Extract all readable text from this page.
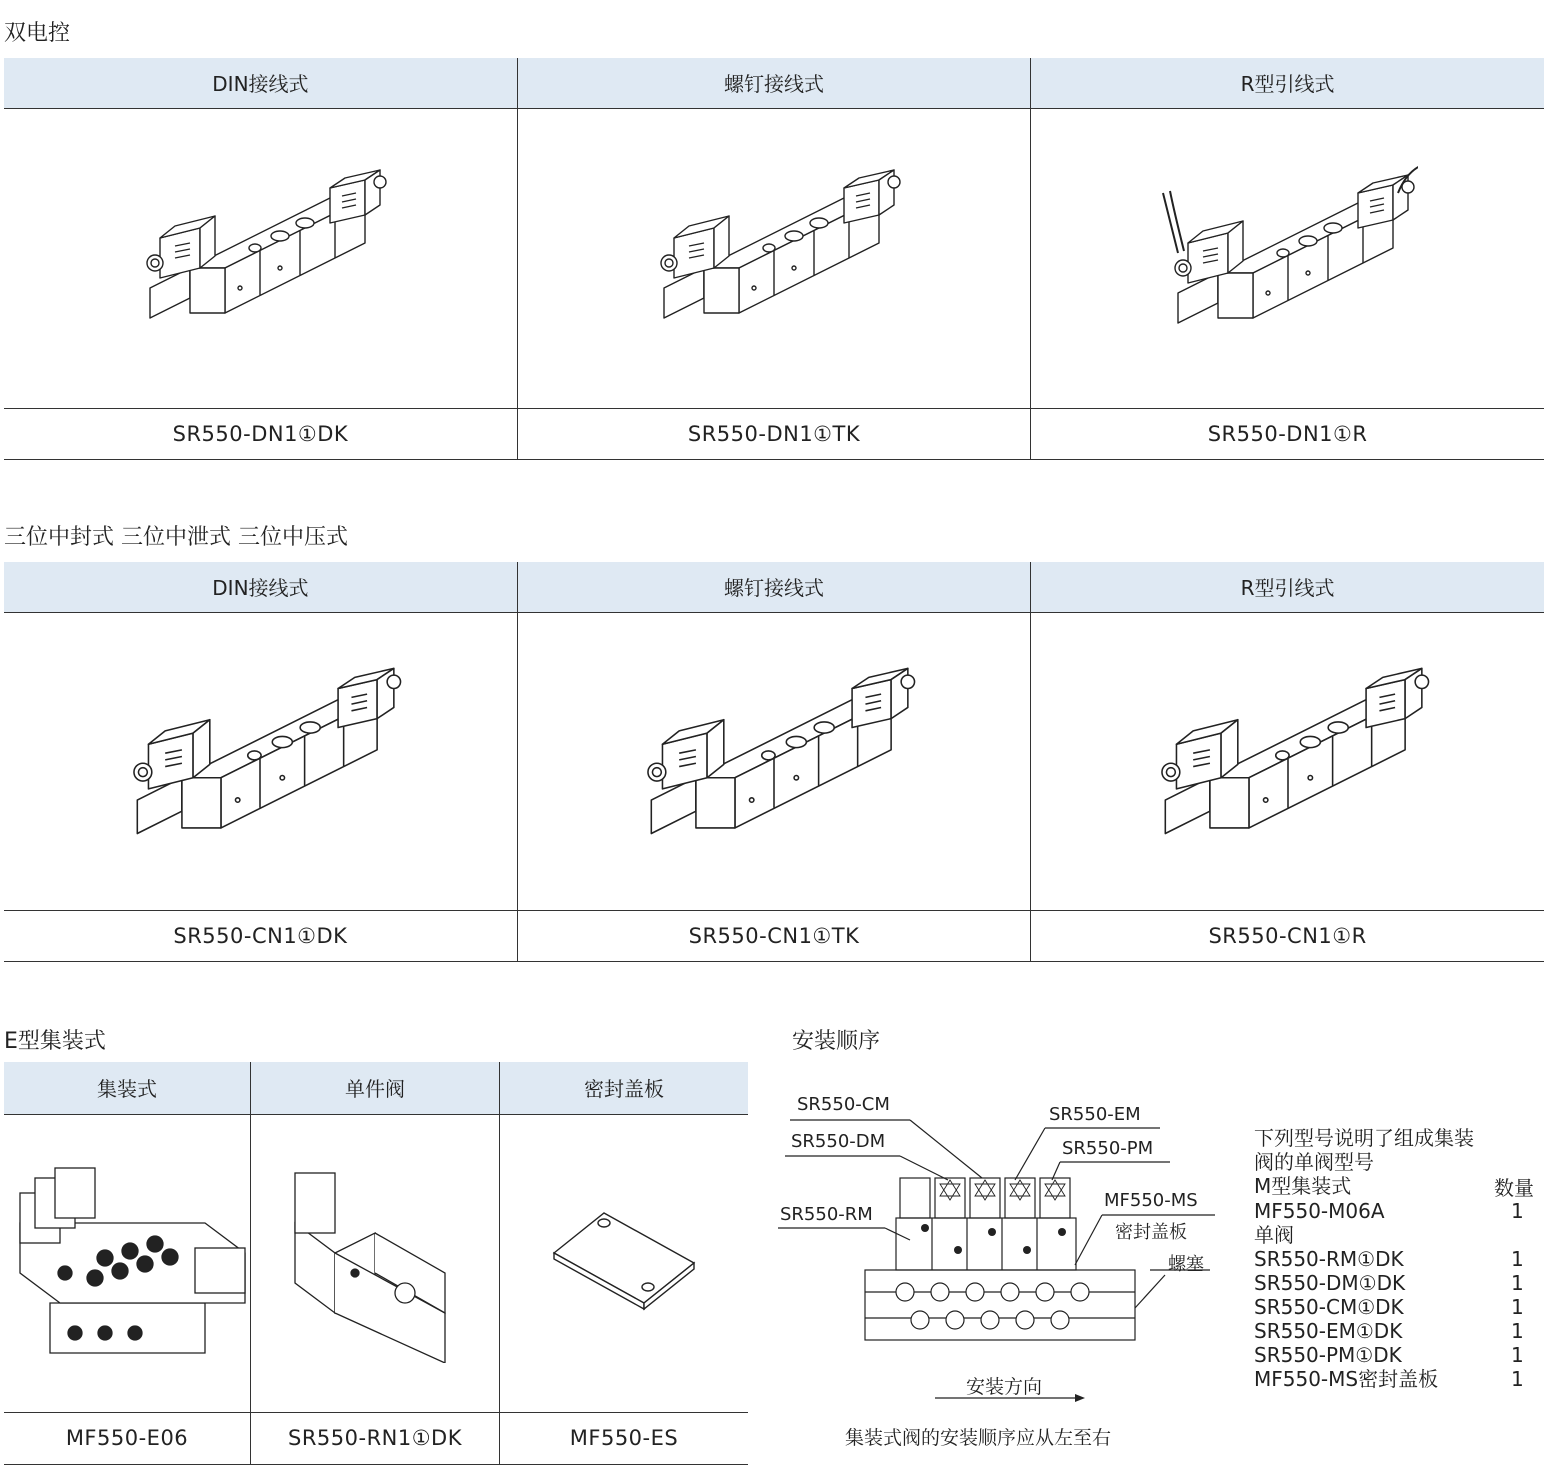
双电控
DIN接线式	螺钉接线式	R型引线式

SR550-DN1①DK	SR550-DN1①TK	SR550-DN1①R
三位中封式 三位中泄式 三位中压式
DIN接线式	螺钉接线式	R型引线式

SR550-CN1①DK	SR550-CN1①TK	SR550-CN1①R
E型集装式
集装式	单件阀	密封盖板

MF550-E06	SR550-RN1①DK	MF550-ES
安装顺序
SR550-CM
SR550-DM
SR550-RM
SR550-EM
SR550-PM
MF550-MS
密封盖板
螺塞
安装方向
集装式阀的安装顺序应从左至右
下列型号说明了组成集装
阀的单阀型号
M型集装式	数量
MF550-M06A	1
单阀
SR550-RM①DK	1
SR550-DM①DK	1
SR550-CM①DK	1
SR550-EM①DK	1
SR550-PM①DK	1
MF550-MS密封盖板	1
